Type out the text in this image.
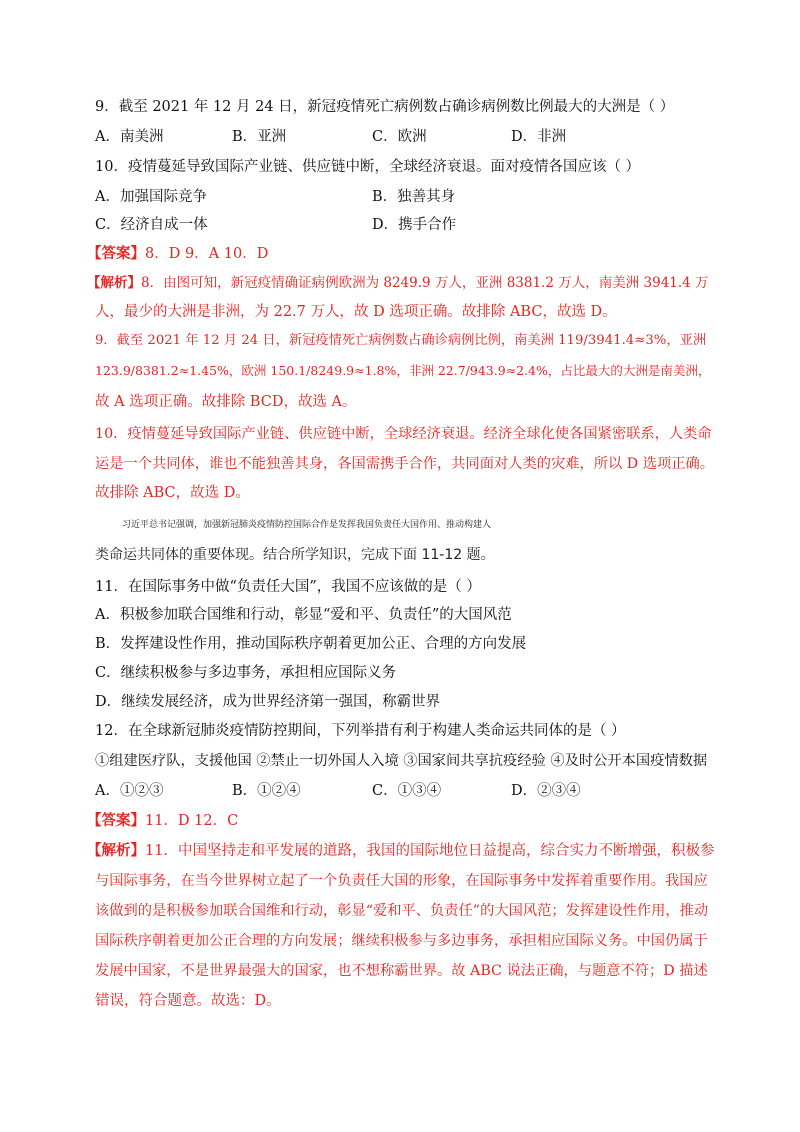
9．截至 2021 年 12 月 24 日，新冠疫情死亡病例数占确诊病例数比例最大的大洲是（ ）
A．南美洲	B．亚洲	C．欧洲	D．非洲
10．疫情蔓延导致国际产业链、供应链中断，全球经济衰退。面对疫情各国应该（ ）
A．加强国际竞争	B．独善其身
C．经济自成一体	D．携手合作
【答案】8．D 9．A 10．D
【解析】8．由图可知，新冠疫情确证病例欧洲为 8249.9 万人，亚洲 8381.2 万人，南美洲 3941.4 万
人，最少的大洲是非洲，为 22.7 万人，故 D 选项正确。故排除 ABC，故选 D。
9．截至 2021 年 12 月 24 日，新冠疫情死亡病例数占确诊病例比例，南美洲 119/3941.4≈3%，亚洲
123.9/8381.2≈1.45%，欧洲 150.1/8249.9≈1.8%，非洲 22.7/943.9≈2.4%，占比最大的大洲是南美洲，
故 A 选项正确。故排除 BCD，故选 A。
10．疫情蔓延导致国际产业链、供应链中断，全球经济衰退。经济全球化使各国紧密联系，人类命
运是一个共同体，谁也不能独善其身，各国需携手合作，共同面对人类的灾难，所以 D 选项正确。
故排除 ABC，故选 D。
习近平总书记强调，加强新冠肺炎疫情防控国际合作是发挥我国负责任大国作用、推动构建人
类命运共同体的重要体现。结合所学知识，完成下面 11-12 题。
11．在国际事务中做“负责任大国”，我国不应该做的是（ ）
A．积极参加联合国维和行动，彰显“爱和平、负责任”的大国风范
B．发挥建设性作用，推动国际秩序朝着更加公正、合理的方向发展
C．继续积极参与多边事务，承担相应国际义务
D．继续发展经济，成为世界经济第一强国，称霸世界
12．在全球新冠肺炎疫情防控期间，下列举措有利于构建人类命运共同体的是（ ）
①组建医疗队，支援他国 ②禁止一切外国人入境 ③国家间共享抗疫经验 ④及时公开本国疫情数据
A．①②③	B．①②④	C．①③④	D．②③④
【答案】11．D 12．C
【解析】11．中国坚持走和平发展的道路，我国的国际地位日益提高，综合实力不断增强，积极参
与国际事务，在当今世界树立起了一个负责任大国的形象，在国际事务中发挥着重要作用。我国应
该做到的是积极参加联合国维和行动，彰显“爱和平、负责任”的大国风范；发挥建设性作用，推动
国际秩序朝着更加公正合理的方向发展；继续积极参与多边事务，承担相应国际义务。中国仍属于
发展中国家，不是世界最强大的国家，也不想称霸世界。故 ABC 说法正确，与题意不符；D 描述
错误，符合题意。故选：D。
